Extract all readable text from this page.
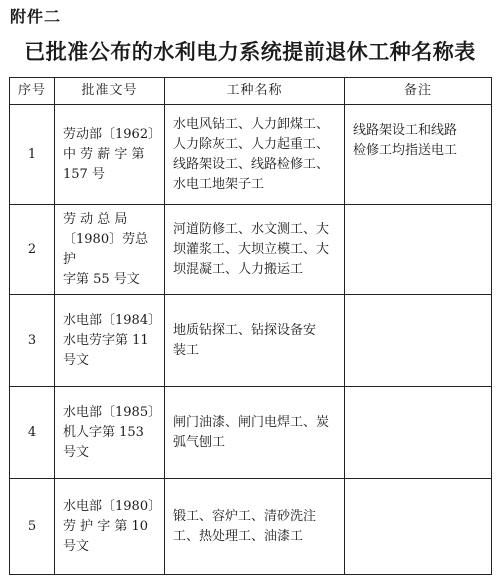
附件二
已批准公布的水利电力系统提前退休工种名称表
序号	批准文号	工种名称	备注
1	劳动部〔1962〕
中 劳 薪 字 第
157 号	水电风钻工、人力卸煤工、
人力除灰工、人力起重工、
线路架设工、线路检修工、
水电工地架子工	线路架设工和线路
检修工均指送电工

2	劳 动 总 局
〔1980〕劳总护
字第 55 号文	河道防修工、水文测工、大
坝灌浆工、大坝立模工、大
坝混凝工、人力搬运工	

3	水电部〔1984〕
水电劳字第 11
号文	地质钻探工、钻探设备安
装工	

4	水电部〔1985〕
机人字第 153
号文	闸门油漆、闸门电焊工、炭
弧气刨工	

5	水电部〔1980〕
劳 护 字 第 10
号文	锻工、容炉工、清砂洗注
工、热处理工、油漆工	
